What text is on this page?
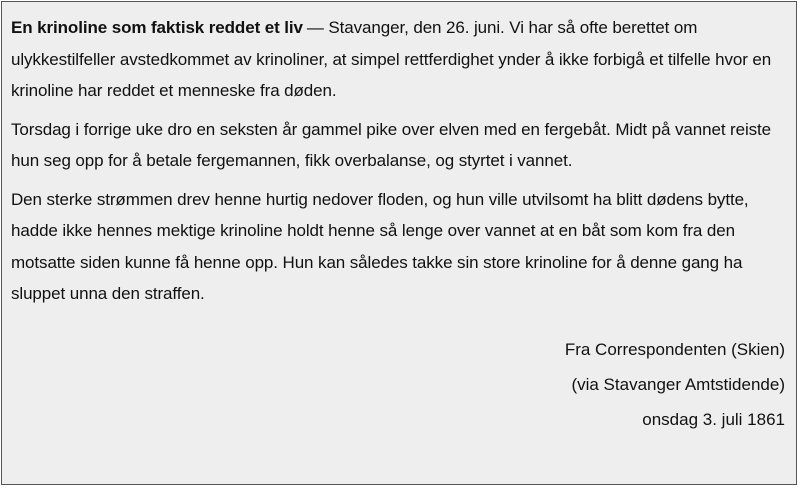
En krinoline som faktisk reddet et liv — Stavanger, den 26. juni. Vi har så ofte berettet om ulykkestilfeller avstedkommet av krinoliner, at simpel rettferdighet ynder å ikke forbigå et tilfelle hvor en krinoline har reddet et menneske fra døden.

Torsdag i forrige uke dro en seksten år gammel pike over elven med en fergebåt. Midt på vannet reiste hun seg opp for å betale fergemannen, fikk overbalanse, og styrtet i vannet.

Den sterke strømmen drev henne hurtig nedover floden, og hun ville utvilsomt ha blitt dødens bytte, hadde ikke hennes mektige krinoline holdt henne så lenge over vannet at en båt som kom fra den motsatte siden kunne få henne opp. Hun kan således takke sin store krinoline for å denne gang ha sluppet unna den straffen.

Fra Correspondenten (Skien)

(via Stavanger Amtstidende)

onsdag 3. juli 1861
